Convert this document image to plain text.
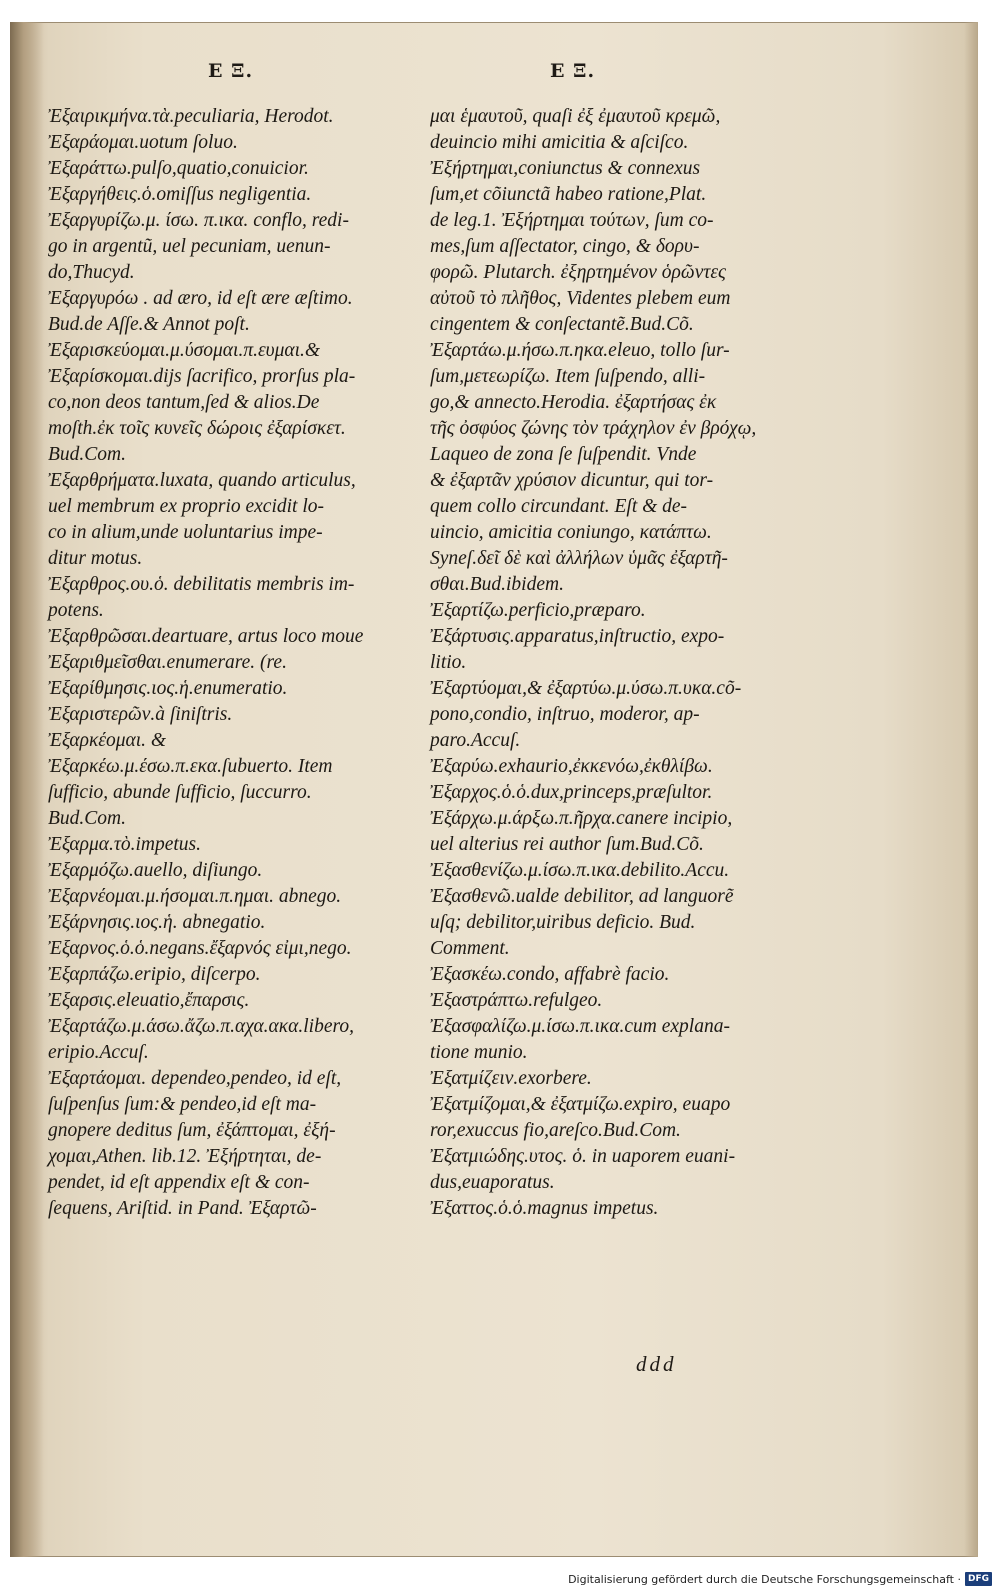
E Ξ.	E Ξ.
Ἐξαιρικμήνα.τὰ.peculiaria, Herodot.
Ἐξαράομαι.uotum ſoluo.
Ἐξαράττω.pulſo,quatio,conuicior.
Ἐξαργήθεις.ὁ.omiſſus negligentia.
Ἐξαργυρίζω.μ. ίσω. π.ικα. conflo, redi-
go in argentũ, uel pecuniam, uenun-
do,Thucyd.
Ἐξαργυρόω . ad æro, id eſt ære æſtimo.
Bud.de Aſſe.& Annot poſt.
Ἐξαρισκεύομαι.μ.ύσομαι.π.ευμαι.&
Ἐξαρίσκομαι.dijs ſacrifico, prorſus pla-
co,non deos tantum,ſed & alios.De
moſth.ἐκ τοῖς κυνεῖς δώροις ἐξαρίσκετ.
Bud.Com.
Ἐξαρθρήματα.luxata, quando articulus,
uel membrum ex proprio excidit lo-
co in alium,unde uoluntarius impe-
ditur motus.
Ἐξαρθρος.ου.ὁ. debilitatis membris im-
potens.
Ἐξαρθρῶσαι.deartuare, artus loco moue
Ἐξαριθμεῖσθαι.enumerare. (re.
Ἐξαρίθμησις.ιος.ἡ.enumeratio.
Ἐξαριστερῶν.à ſiniſtris.
Ἐξαρκέομαι. &
Ἐξαρκέω.μ.έσω.π.εκα.ſubuerto. Item
ſufficio, abunde ſufficio, ſuccurro.
Bud.Com.
Ἐξαρμα.τὸ.impetus.
Ἐξαρμόζω.auello, diſiungo.
Ἐξαρνέομαι.μ.ήσομαι.π.ημαι. abnego.
Ἐξάρνησις.ιος.ἡ. abnegatio.
Ἐξαρνος.ὁ.ὁ.negans.ἔξαρνός εἰμι,nego.
Ἐξαρπάζω.eripio, diſcerpo.
Ἐξαρσις.eleuatio,ἔπαρσις.
Ἐξαρτάζω.μ.άσω.ἄζω.π.αχα.ακα.libero,
eripio.Accuſ.
Ἐξαρτάομαι. dependeo,pendeo, id eſt,
ſuſpenſus ſum:& pendeo,id eſt ma-
gnopere deditus ſum, ἐξάπτομαι, ἐξή-
χομαι,Athen. lib.12. Ἐξήρτηται, de-
pendet, id eſt appendix eſt & con-
ſequens, Ariſtid. in Pand. Ἐξαρτῶ-
μαι ἑμαυτοῦ, quaſi ἐξ ἐμαυτοῦ κρεμῶ,
deuincio mihi amicitia & aſciſco.
Ἐξήρτημαι,coniunctus & connexus
ſum,et cõiunctã habeo ratione,Plat.
de leg.1. Ἐξήρτημαι τούτων, ſum co-
mes,ſum aſſectator, cingo, & δορυ-
φορῶ. Plutarch. ἐξηρτημένον ὁρῶντες
αὐτοῦ τὸ πλῆθος, Videntes plebem eum
cingentem & conſectantẽ.Bud.Cõ.
Ἐξαρτάω.μ.ήσω.π.ηκα.eleuo, tollo ſur-
ſum,μετεωρίζω. Item ſuſpendo, alli-
go,& annecto.Herodia. ἐξαρτήσας ἐκ
τῆς ὀσφύος ζώνης τὸν τράχηλον ἐν βρόχῳ,
Laqueo de zona ſe ſuſpendit. Vnde
& ἐξαρτᾶν χρύσιον dicuntur, qui tor-
quem collo circundant. Eſt & de-
uincio, amicitia coniungo, κατάπτω.
Syneſ.δεῖ δὲ καὶ ἀλλήλων ὑμᾶς ἐξαρτῆ-
σθαι.Bud.ibidem.
Ἐξαρτίζω.perficio,præparo.
Ἐξάρτυσις.apparatus,inſtructio, expo-
litio.
Ἐξαρτύομαι,& ἐξαρτύω.μ.ύσω.π.υκα.cõ-
pono,condio, inſtruo, moderor, ap-
paro.Accuſ.
Ἐξαρύω.exhaurio,ἐκκενόω,ἐκθλίβω.
Ἐξαρχος.ὁ.ὁ.dux,princeps,præſultor.
Ἐξάρχω.μ.άρξω.π.ῆρχα.canere incipio,
uel alterius rei author ſum.Bud.Cõ.
Ἐξασθενίζω.μ.ίσω.π.ικα.debilito.Accu.
Ἐξασθενῶ.ualde debilitor, ad languorẽ
uſq; debilitor,uiribus deficio. Bud.
Comment.
Ἐξασκέω.condo, affabrè facio.
Ἐξαστράπτω.refulgeo.
Ἐξασφαλίζω.μ.ίσω.π.ικα.cum explana-
tione munio.
Ἐξατμίζειν.exorbere.
Ἐξατμίζομαι,& ἐξατμίζω.expiro, euapo
ror,exuccus fio,areſco.Bud.Com.
Ἐξατμιώδης.υτος. ὁ. in uaporem euani-
dus,euaporatus.
Ἐξαττος.ὁ.ὁ.magnus impetus.
ddd
Digitalisierung gefördert durch die Deutsche Forschungsgemeinschaft · DFG
